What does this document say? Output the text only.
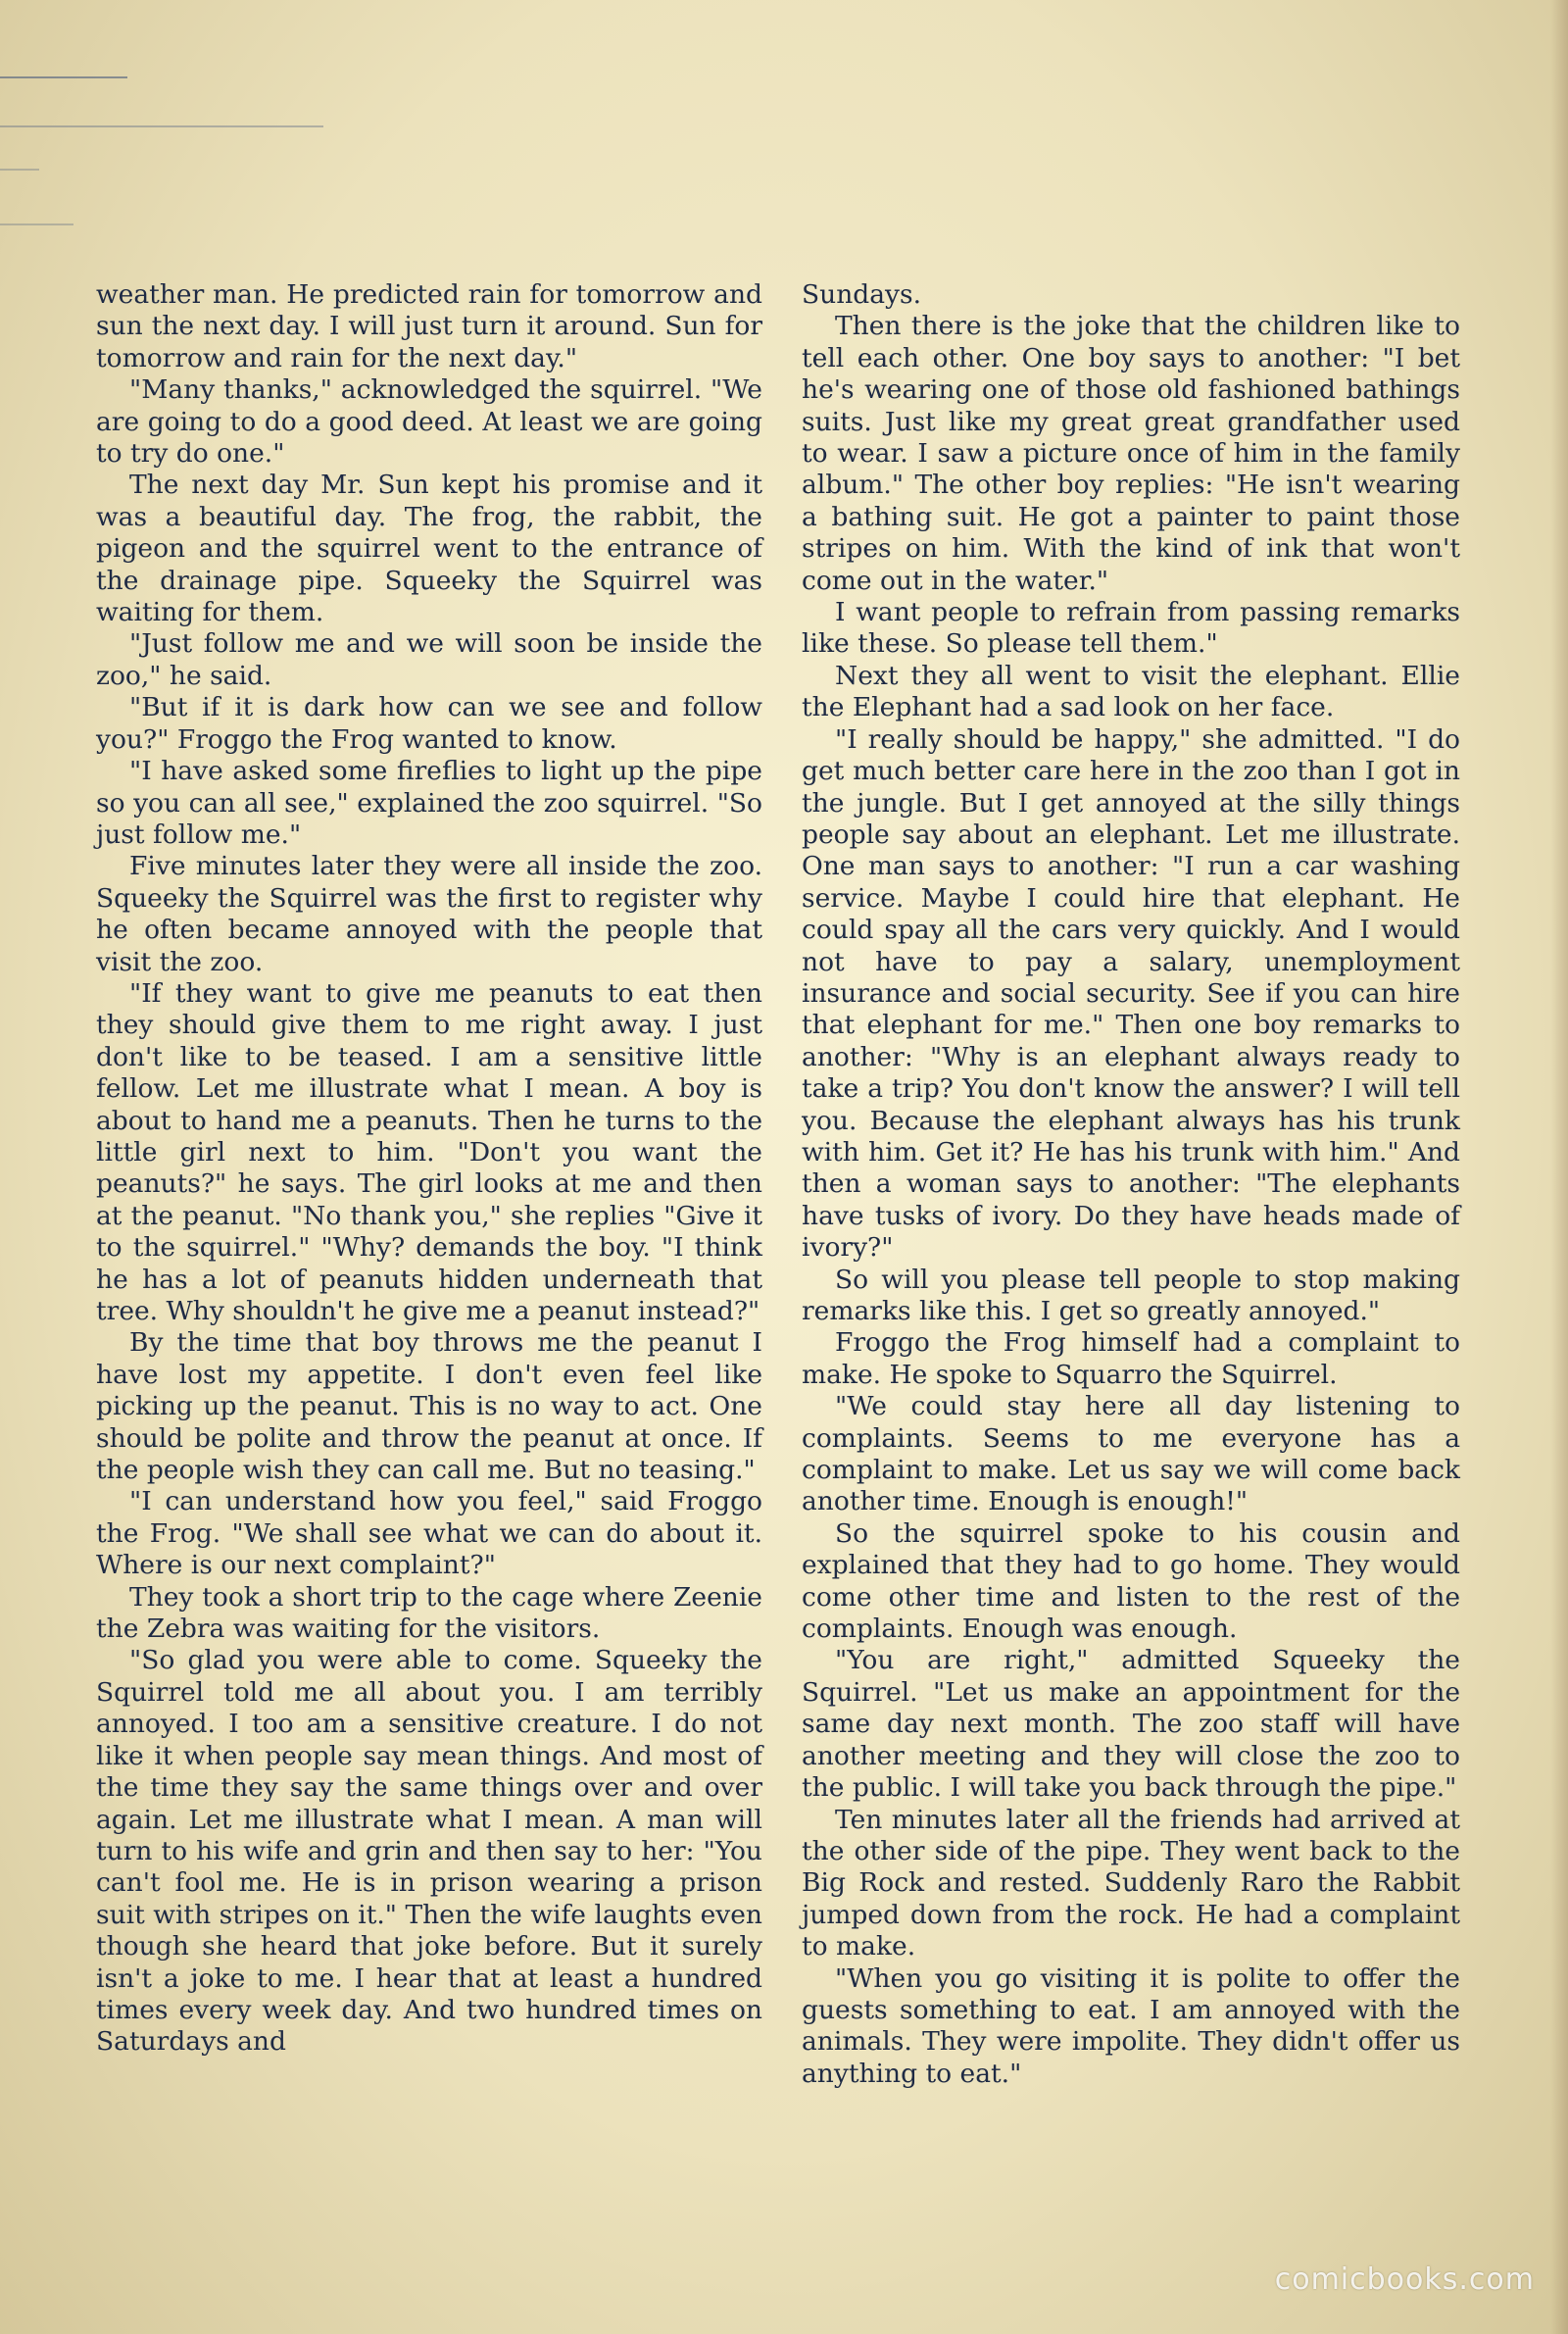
​

weather man. He predicted rain for tomorrow and sun the next day. I will just turn it around. Sun for tomorrow and rain for the next day."

"Many thanks," acknowledged the squirrel. "We are going to do a good deed. At least we are going to try do one."

The next day Mr. Sun kept his promise and it was a beautiful day. The frog, the rabbit, the pigeon and the squirrel went to the entrance of the drainage pipe. Squeeky the Squirrel was waiting for them.

"Just follow me and we will soon be inside the zoo," he said.

"But if it is dark how can we see and follow you?" Froggo the Frog wanted to know.

"I have asked some fireflies to light up the pipe so you can all see," explained the zoo squirrel. "So just follow me."

Five minutes later they were all inside the zoo. Squeeky the Squirrel was the first to register why he often became annoyed with the people that visit the zoo.

"If they want to give me peanuts to eat then they should give them to me right away. I just don't like to be teased. I am a sensitive little fellow. Let me illustrate what I mean. A boy is about to hand me a peanuts. Then he turns to the little girl next to him. "Don't you want the peanuts?" he says. The girl looks at me and then at the peanut. "No thank you," she replies "Give it to the squirrel." "Why? demands the boy. "I think he has a lot of peanuts hidden underneath that tree. Why shouldn't he give me a peanut instead?"

By the time that boy throws me the peanut I have lost my appetite. I don't even feel like picking up the peanut. This is no way to act. One should be polite and throw the peanut at once. If the people wish they can call me. But no teasing."

"I can understand how you feel," said Froggo the Frog. "We shall see what we can do about it. Where is our next complaint?"

They took a short trip to the cage where Zeenie the Zebra was waiting for the visitors.

"So glad you were able to come. Squeeky the Squirrel told me all about you. I am terribly annoyed. I too am a sensitive creature. I do not like it when people say mean things. And most of the time they say the same things over and over again. Let me illustrate what I mean. A man will turn to his wife and grin and then say to her: "You can't fool me. He is in prison wearing a prison suit with stripes on it." Then the wife laughts even though she heard that joke before. But it surely isn't a joke to me. I hear that at least a hundred times every week day. And two hundred times on Saturdays and

Sundays.

Then there is the joke that the children like to tell each other. One boy says to another: "I bet he's wearing one of those old fashioned bathings suits. Just like my great great grandfather used to wear. I saw a picture once of him in the family album." The other boy replies: "He isn't wearing a bathing suit. He got a painter to paint those stripes on him. With the kind of ink that won't come out in the water."

I want people to refrain from passing remarks like these. So please tell them."

Next they all went to visit the elephant. Ellie the Elephant had a sad look on her face.

"I really should be happy," she admitted. "I do get much better care here in the zoo than I got in the jungle. But I get annoyed at the silly things people say about an elephant. Let me illustrate. One man says to another: "I run a car washing service. Maybe I could hire that elephant. He could spay all the cars very quickly. And I would not have to pay a salary, unemployment insurance and social security. See if you can hire that elephant for me." Then one boy remarks to another: "Why is an elephant always ready to take a trip? You don't know the answer? I will tell you. Because the elephant always has his trunk with him. Get it? He has his trunk with him." And then a woman says to another: "The elephants have tusks of ivory. Do they have heads made of ivory?"

So will you please tell people to stop making remarks like this. I get so greatly annoyed."

Froggo the Frog himself had a complaint to make. He spoke to Squarro the Squirrel.

"We could stay here all day listening to complaints. Seems to me everyone has a complaint to make. Let us say we will come back another time. Enough is enough!"

So the squirrel spoke to his cousin and explained that they had to go home. They would come other time and listen to the rest of the complaints. Enough was enough.

"You are right," admitted Squeeky the Squirrel. "Let us make an appointment for the same day next month. The zoo staff will have another meeting and they will close the zoo to the public. I will take you back through the pipe."

Ten minutes later all the friends had arrived at the other side of the pipe. They went back to the Big Rock and rested. Suddenly Raro the Rabbit jumped down from the rock. He had a complaint to make.

"When you go visiting it is polite to offer the guests something to eat. I am annoyed with the animals. They were impolite. They didn't offer us anything to eat."

comicbooks.com
